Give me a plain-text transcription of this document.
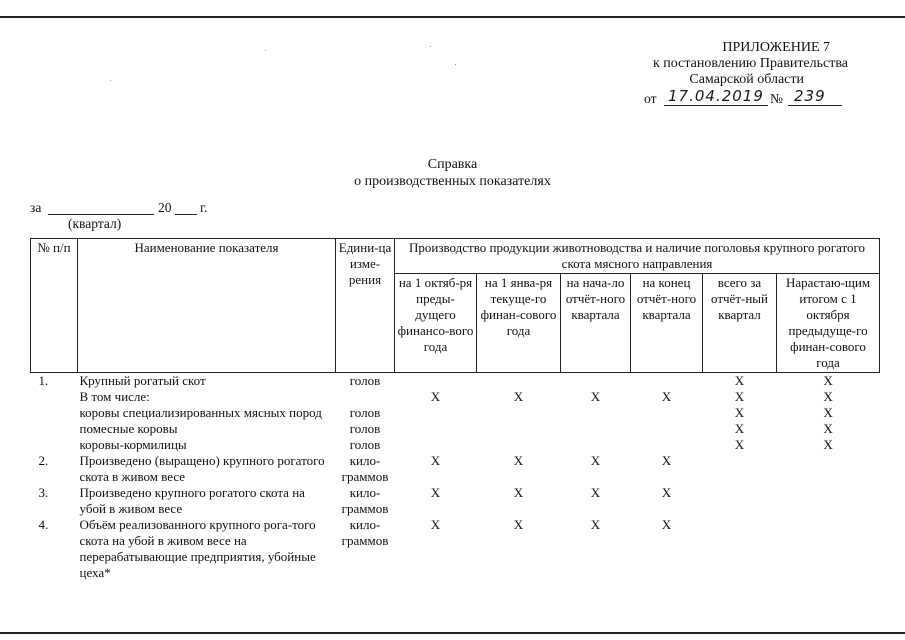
ПРИЛОЖЕНИЕ 7
к постановлению Правительства
Самарской области
от 17.04.2019 № 239
Справка
о производственных показателях
за	20 г.
(квартал)
№ п/п	Наименование показателя	Едини-ца изме-рения	Производство продукции животноводства и наличие поголовья крупного рогатого скота мясного направления					
			на 1 октяб-ря преды-дущего финансо-вого года	на 1 янва-ря текуще-го финан-сового года	на нача-ло отчёт-ного квартала	на конец отчёт-ного квартала	всего за отчёт-ный квартал	Нарастаю-щим итогом с 1 октября предыдуще-го финан-сового года
1.	Крупный рогатый скот	голов					X	X
	В том числе:		X	X	X	X	X	X
	коровы специализированных мясных пород	голов					X	X
	помесные коровы	голов					X	X
	коровы-кормилицы	голов					X	X
2.	Произведено (выращено) крупного рогатого скота в живом весе	кило-граммов	X	X	X	X		
3.	Произведено крупного рогатого скота на убой в живом весе	кило-граммов	X	X	X	X		
4.	Объём реализованного крупного рога-того скота на убой в живом весе на перерабатывающие предприятия, убойные цеха*	кило-граммов	X	X	X	X		
